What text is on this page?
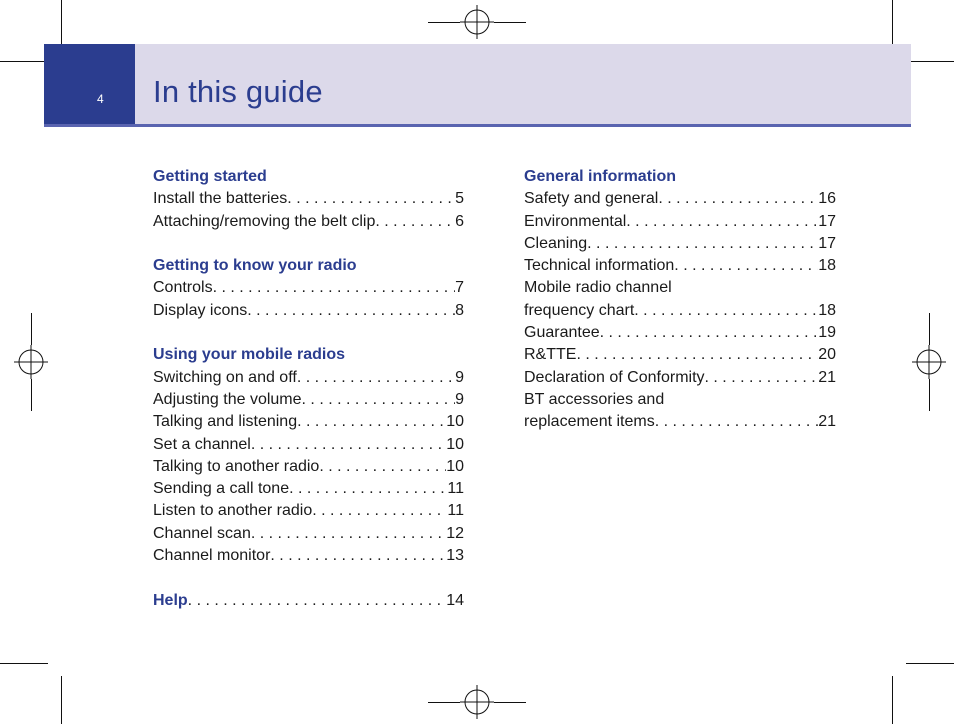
4 In this guide
Getting started
Install the batteries . . .	5
Attaching/removing the belt clip . . .	6
Getting to know your radio
Controls . . .	7
Display icons . . .	8
Using your mobile radios
Switching on and off . . .	9
Adjusting the volume . . .	9
Talking and listening . . .	10
Set a channel . . .	10
Talking to another radio . . .	10
Sending a call tone . . .	11
Listen to another radio . . .	11
Channel scan . . .	12
Channel monitor . . .	13
Help . . .	14
General information
Safety and general . . .	16
Environmental . . .	17
Cleaning . . .	17
Technical information . . .	18
Mobile radio channel
frequency chart . . .	18
Guarantee . . .	19
R&TTE . . .	20
Declaration of Conformity . . .	21
BT accessories and
replacement items . . .	21
